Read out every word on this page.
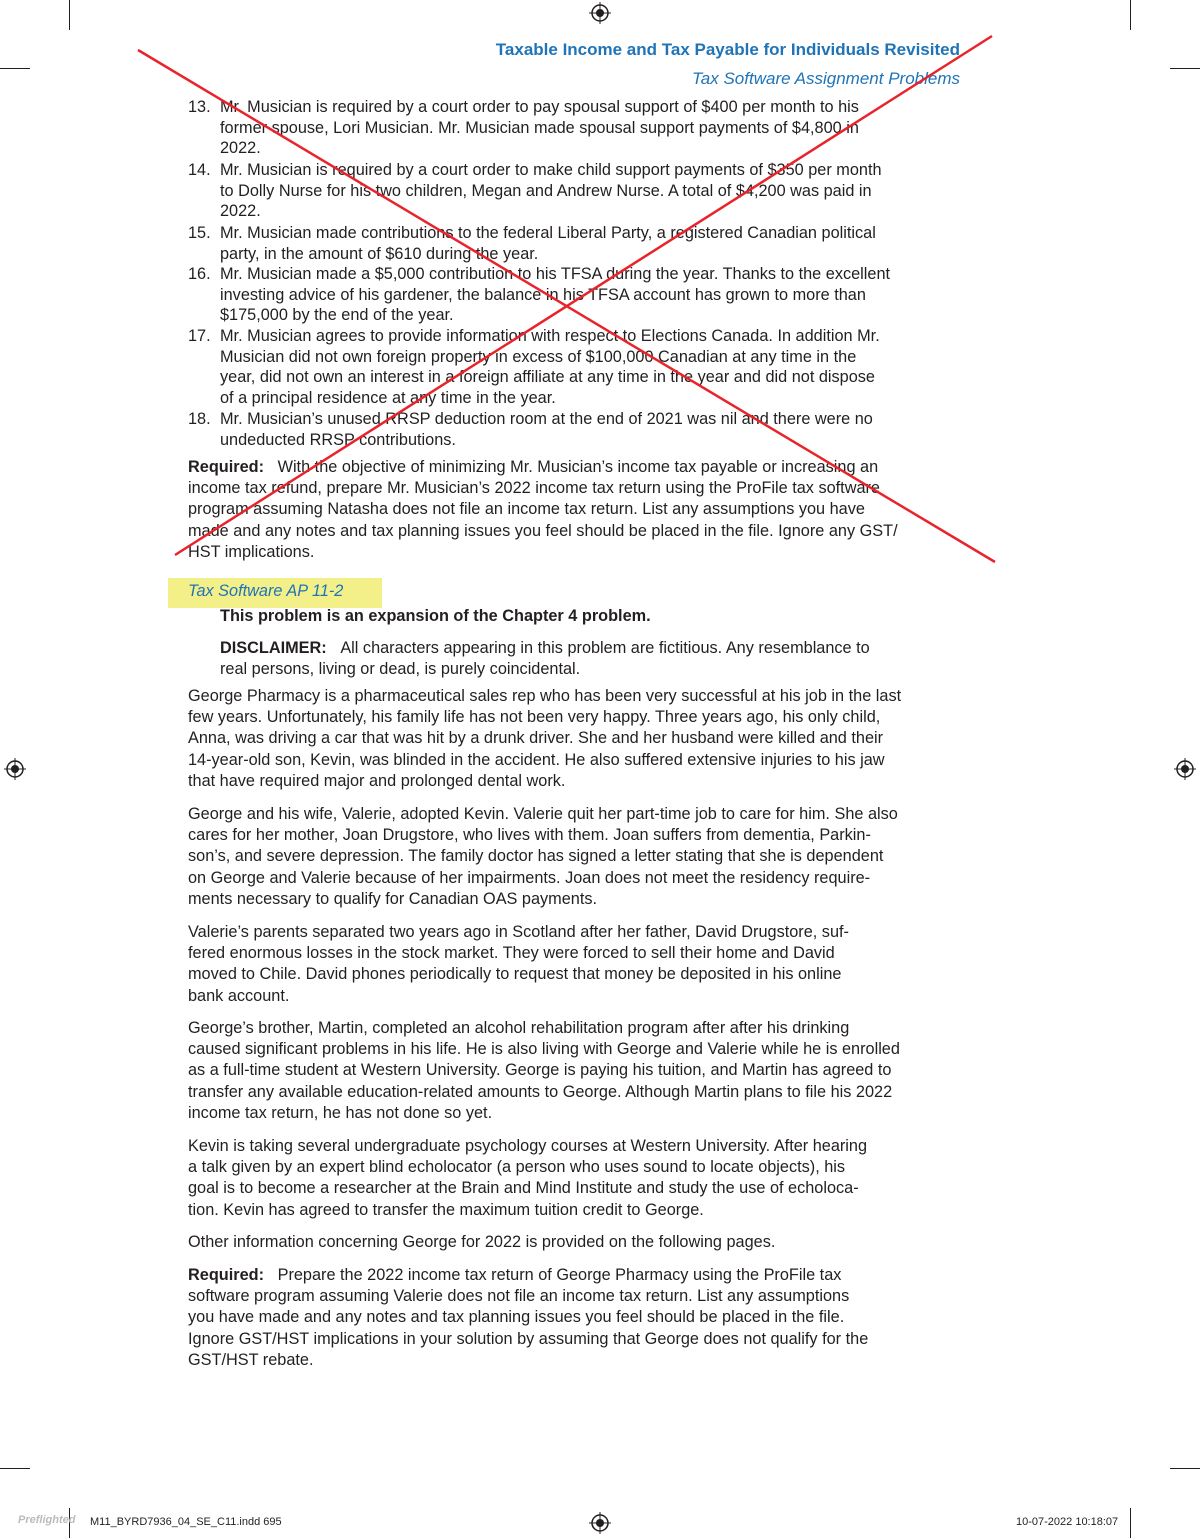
Taxable Income and Tax Payable for Individuals Revisited
Tax Software Assignment Problems
13. Mr. Musician is required by a court order to pay spousal support of $400 per month to his
former spouse, Lori Musician. Mr. Musician made spousal support payments of $4,800 in
2022.
14. Mr. Musician is required by a court order to make child support payments of $350 per month
to Dolly Nurse for his two children, Megan and Andrew Nurse. A total of $4,200 was paid in
2022.
15. Mr. Musician made contributions to the federal Liberal Party, a registered Canadian political
party, in the amount of $610 during the year.
16. Mr. Musician made a $5,000 contribution to his TFSA during the year. Thanks to the excellent
investing advice of his gardener, the balance in his TFSA account has grown to more than
$175,000 by the end of the year.
17. Mr. Musician agrees to provide information with respect to Elections Canada. In addition Mr.
Musician did not own foreign property in excess of $100,000 Canadian at any time in the
year, did not own an interest in a foreign affiliate at any time in the year and did not dispose
of a principal residence at any time in the year.
18. Mr. Musician’s unused RRSP deduction room at the end of 2021 was nil and there were no
undeducted RRSP contributions.
Required: With the objective of minimizing Mr. Musician’s income tax payable or increasing an
income tax refund, prepare Mr. Musician’s 2022 income tax return using the ProFile tax software
program assuming Natasha does not file an income tax return. List any assumptions you have
made and any notes and tax planning issues you feel should be placed in the file. Ignore any GST/
HST implications.
Tax Software AP 11-2
This problem is an expansion of the Chapter 4 problem.
DISCLAIMER: All characters appearing in this problem are fictitious. Any resemblance to
real persons, living or dead, is purely coincidental.
George Pharmacy is a pharmaceutical sales rep who has been very successful at his job in the last
few years. Unfortunately, his family life has not been very happy. Three years ago, his only child,
Anna, was driving a car that was hit by a drunk driver. She and her husband were killed and their
14-year-old son, Kevin, was blinded in the accident. He also suffered extensive injuries to his jaw
that have required major and prolonged dental work.
George and his wife, Valerie, adopted Kevin. Valerie quit her part-time job to care for him. She also
cares for her mother, Joan Drugstore, who lives with them. Joan suffers from dementia, Parkin-
son’s, and severe depression. The family doctor has signed a letter stating that she is dependent
on George and Valerie because of her impairments. Joan does not meet the residency require-
ments necessary to qualify for Canadian OAS payments.
Valerie’s parents separated two years ago in Scotland after her father, David Drugstore, suf-
fered enormous losses in the stock market. They were forced to sell their home and David
moved to Chile. David phones periodically to request that money be deposited in his online
bank account.
George’s brother, Martin, completed an alcohol rehabilitation program after after his drinking
caused significant problems in his life. He is also living with George and Valerie while he is enrolled
as a full-time student at Western University. George is paying his tuition, and Martin has agreed to
transfer any available education-related amounts to George. Although Martin plans to file his 2022
income tax return, he has not done so yet.
Kevin is taking several undergraduate psychology courses at Western University. After hearing
a talk given by an expert blind echolocator (a person who uses sound to locate objects), his
goal is to become a researcher at the Brain and Mind Institute and study the use of echoloca-
tion. Kevin has agreed to transfer the maximum tuition credit to George.
Other information concerning George for 2022 is provided on the following pages.
Required: Prepare the 2022 income tax return of George Pharmacy using the ProFile tax
software program assuming Valerie does not file an income tax return. List any assumptions
you have made and any notes and tax planning issues you feel should be placed in the file.
Ignore GST/HST implications in your solution by assuming that George does not qualify for the
GST/HST rebate.
Preflighted M11_BYRD7936_04_SE_C11.indd 695	10-07-2022 10:18:07
